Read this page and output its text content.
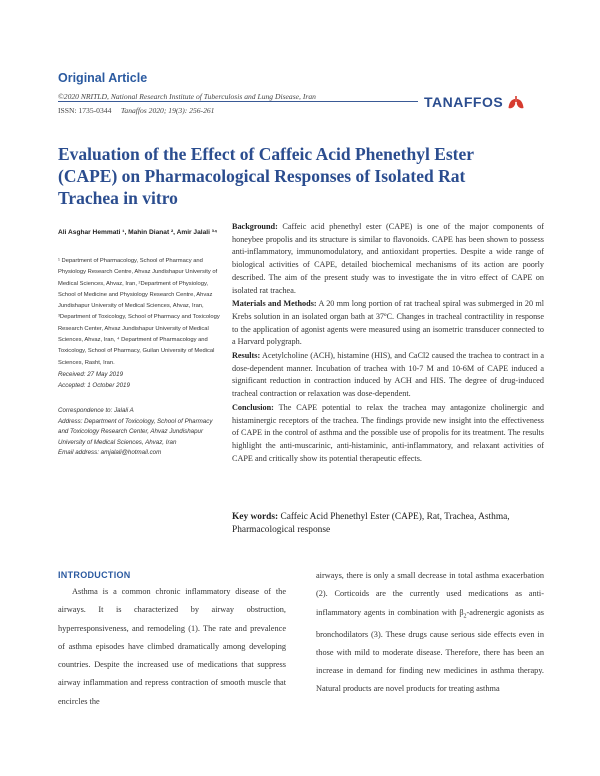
Original Article
©2020 NRITLD, National Research Institute of Tuberculosis and Lung Disease, Iran
ISSN: 1735-0344 Tanaffos 2020; 19(3): 256-261
TANAFFOS
Evaluation of the Effect of Caffeic Acid Phenethyl Ester (CAPE) on Pharmacological Responses of Isolated Rat Trachea in vitro
Ali Asghar Hemmati ¹, Mahin Dianat ², Amir Jalali ³⁴
¹ Department of Pharmacology, School of Pharmacy and Physiology Research Centre, Ahvaz Jundishapur University of Medical Sciences, Ahvaz, Iran, ²Department of Physiology, School of Medicine and Physiology Research Centre, Ahvaz Jundishapur University of Medical Sciences, Ahvaz, Iran, ³Department of Toxicology, School of Pharmacy and Toxicology Research Center, Ahvaz Jundishapur University of Medical Sciences, Ahvaz, Iran, ⁴ Department of Pharmacology and Toxicology, School of Pharmacy, Guilan University of Medical Sciences, Rasht, Iran.
Received: 27 May 2019
Accepted: 1 October 2019
Correspondence to: Jalali A
Address: Department of Toxicology, School of Pharmacy and Toxicology Research Center, Ahvaz Jundishapur University of Medical Sciences, Ahvaz, Iran
Email address: amjalali@hotmail.com

Background: Caffeic acid phenethyl ester (CAPE) is one of the major components of honeybee propolis and its structure is similar to flavonoids. CAPE has been shown to possess anti-inflammatory, immunomodulatory, and antioxidant properties. Despite a wide range of biological activities of CAPE, detailed biochemical mechanisms of its action are poorly described. The aim of the present study was to investigate the in vitro effect of CAPE on isolated rat trachea.

Materials and Methods: A 20 mm long portion of rat tracheal spiral was submerged in 20 ml Krebs solution in an isolated organ bath at 37ºC. Changes in tracheal contractility in response to the application of agonist agents were measured using an isometric transducer connected to a Harvard polygraph.

Results: Acetylcholine (ACH), histamine (HIS), and CaCl2 caused the trachea to contract in a dose-dependent manner. Incubation of trachea with 10-7 M and 10-6M of CAPE induced a significant reduction in contraction induced by ACH and HIS. The degree of drug-induced tracheal contraction or relaxation was dose-dependent.

Conclusion: The CAPE potential to relax the trachea may antagonize cholinergic and histaminergic receptors of the trachea. The findings provide new insight into the effectiveness of CAPE in the control of asthma and the possible use of propolis for its treatment. The results highlight the anti-muscarinic, anti-histaminic, anti-inflammatory, and relaxant activities of CAPE and critically show its potential therapeutic effects.

Key words: Caffeic Acid Phenethyl Ester (CAPE), Rat, Trachea, Asthma, Pharmacological response
INTRODUCTION

Asthma is a common chronic inflammatory disease of the airways. It is characterized by airway obstruction, hyperresponsiveness, and remodeling (1). The rate and prevalence of asthma episodes have climbed dramatically among developing countries. Despite the increased use of medications that suppress airway inflammation and repress contraction of smooth muscle that encircles the

airways, there is only a small decrease in total asthma exacerbation (2). Corticoids are the currently used medications as anti-inflammatory agents in combination with $\beta_2$-adrenergic agonists as bronchodilators (3). These drugs cause serious side effects even in those with mild to moderate disease. Therefore, there has been an increase in demand for finding new medicines in asthma therapy. Natural products are novel products for treating asthma
